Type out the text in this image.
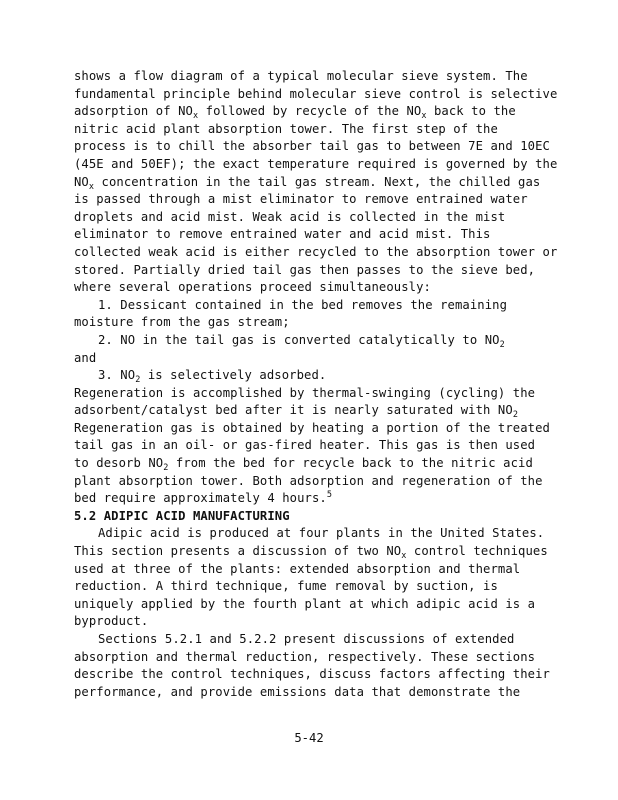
shows a flow diagram of a typical molecular sieve system. The
fundamental principle behind molecular sieve control is selective
adsorption of $NO_x$ followed by recycle of the $NO_x$ back to the
nitric acid plant absorption tower. The first step of the
process is to chill the absorber tail gas to between 7E and 10EC
(45E and 50EF); the exact temperature required is governed by the
$NO_x$ concentration in the tail gas stream. Next, the chilled gas
is passed through a mist eliminator to remove entrained water
droplets and acid mist. Weak acid is collected in the mist
eliminator to remove entrained water and acid mist. This
collected weak acid is either recycled to the absorption tower or
stored. Partially dried tail gas then passes to the sieve bed,
where several operations proceed simultaneously:
1. Dessicant contained in the bed removes the remaining
moisture from the gas stream;
2. NO in the tail gas is converted catalytically to $NO_2$
and
3. $NO_2$ is selectively adsorbed.
Regeneration is accomplished by thermal-swinging (cycling) the
adsorbent/catalyst bed after it is nearly saturated with $NO_2$
Regeneration gas is obtained by heating a portion of the treated
tail gas in an oil- or gas-fired heater. This gas is then used
to desorb $NO_2$ from the bed for recycle back to the nitric acid
plant absorption tower. Both adsorption and regeneration of the
bed require approximately 4 hours.$^5$
5.2 ADIPIC ACID MANUFACTURING
Adipic acid is produced at four plants in the United States.
This section presents a discussion of two $NO_x$ control techniques
used at three of the plants: extended absorption and thermal
reduction. A third technique, fume removal by suction, is
uniquely applied by the fourth plant at which adipic acid is a
byproduct.
Sections 5.2.1 and 5.2.2 present discussions of extended
absorption and thermal reduction, respectively. These sections
describe the control techniques, discuss factors affecting their
performance, and provide emissions data that demonstrate the
5-42
